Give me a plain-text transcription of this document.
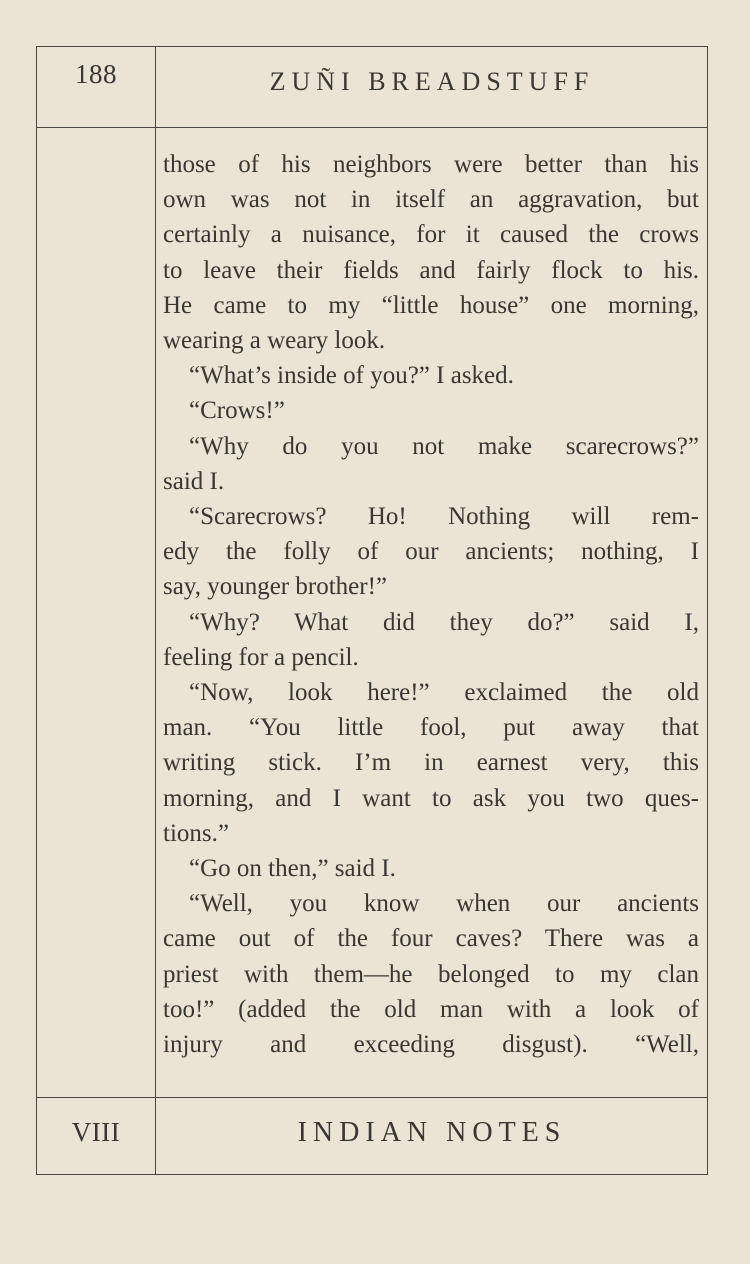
188	ZUÑI BREADSTUFF
those of his neighbors were better than his
own was not in itself an aggravation, but
certainly a nuisance, for it caused the crows
to leave their fields and fairly flock to his.
He came to my “little house” one morning,
wearing a weary look.
“What’s inside of you?” I asked.
“Crows!”
“Why do you not make scarecrows?”
said I.
“Scarecrows? Ho! Nothing will rem-
edy the folly of our ancients; nothing, I
say, younger brother!”
“Why? What did they do?” said I,
feeling for a pencil.
“Now, look here!” exclaimed the old
man. “You little fool, put away that
writing stick. I’m in earnest very, this
morning, and I want to ask you two ques-
tions.”
“Go on then,” said I.
“Well, you know when our ancients
came out of the four caves? There was a
priest with them—he belonged to my clan
too!” (added the old man with a look of
injury and exceeding disgust). “Well,
VIII	INDIAN NOTES
